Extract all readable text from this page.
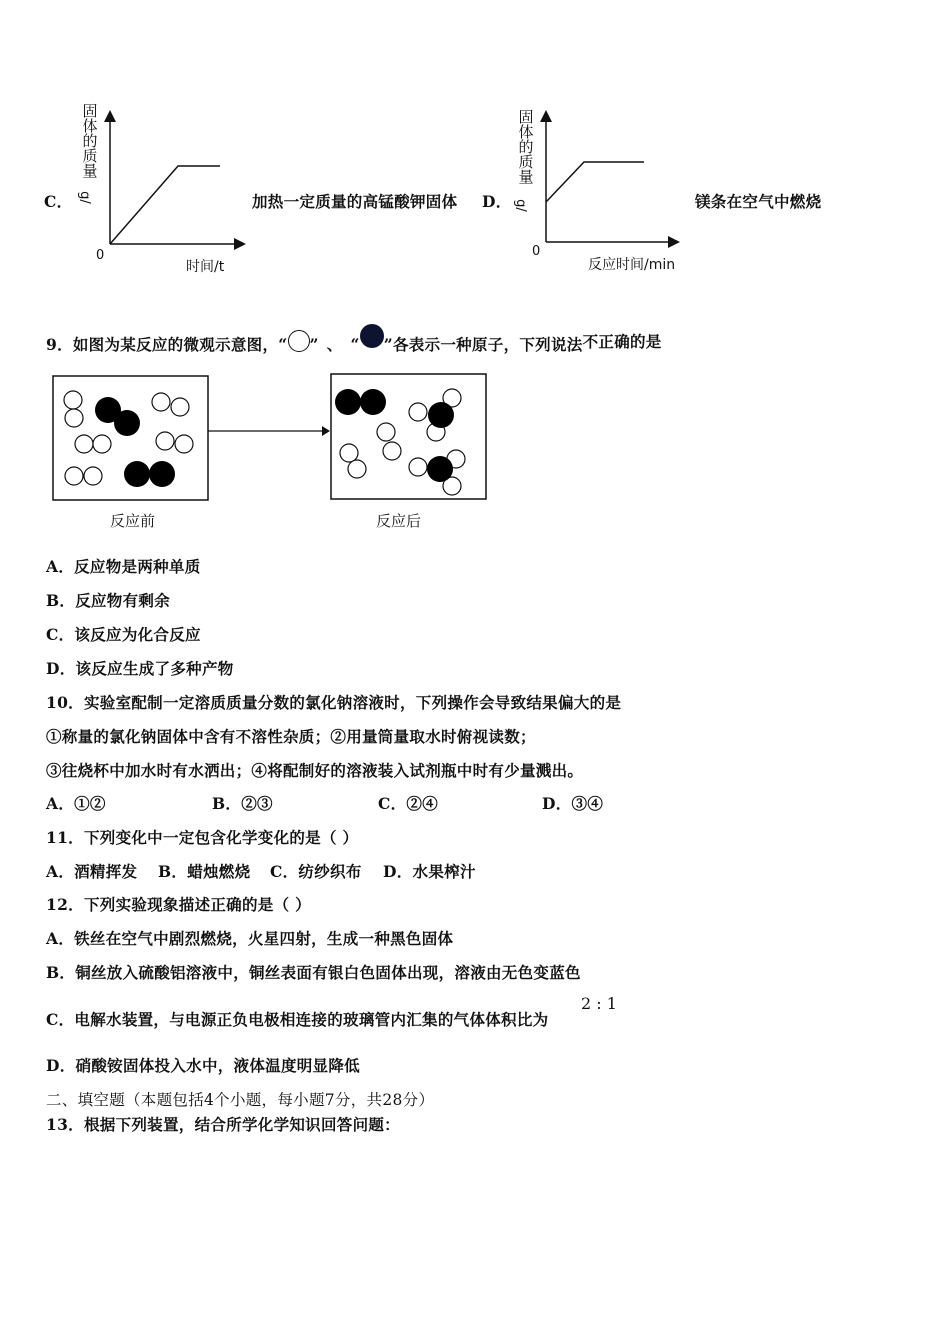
C．
固
体
的
质
量
g/
0
时间/t
加热一定质量的高锰酸钾固体 D．
固
体
的
质
量
g/
0
反应时间/min
镁条在空气中燃烧
9．如图为某反应的微观示意图，“ ” 、 “ ”各表示一种原子，下列说法不正确的是
反应前	反应后
A．反应物是两种单质
B．反应物有剩余
C．该反应为化合反应
D．该反应生成了多种产物
10．实验室配制一定溶质质量分数的氯化钠溶液时，下列操作会导致结果偏大的是
①称量的氯化钠固体中含有不溶性杂质；②用量筒量取水时俯视读数；
③往烧杯中加水时有水洒出；④将配制好的溶液装入试剂瓶中时有少量溅出。
A．①②	B．②③	C．②④	D．③④
11．下列变化中一定包含化学变化的是（ ）
A．酒精挥发 B．蜡烛燃烧 C．纺纱织布 D．水果榨汁
12．下列实验现象描述正确的是（ ）
A．铁丝在空气中剧烈燃烧，火星四射，生成一种黑色固体
B．铜丝放入硫酸铝溶液中，铜丝表面有银白色固体出现，溶液由无色变蓝色
C．电解水装置，与电源正负电极相连接的玻璃管内汇集的气体体积比为
2 : 1
D．硝酸铵固体投入水中，液体温度明显降低
二、填空题（本题包括4个小题，每小题7分，共28分）
13．根据下列装置，结合所学化学知识回答问题：
